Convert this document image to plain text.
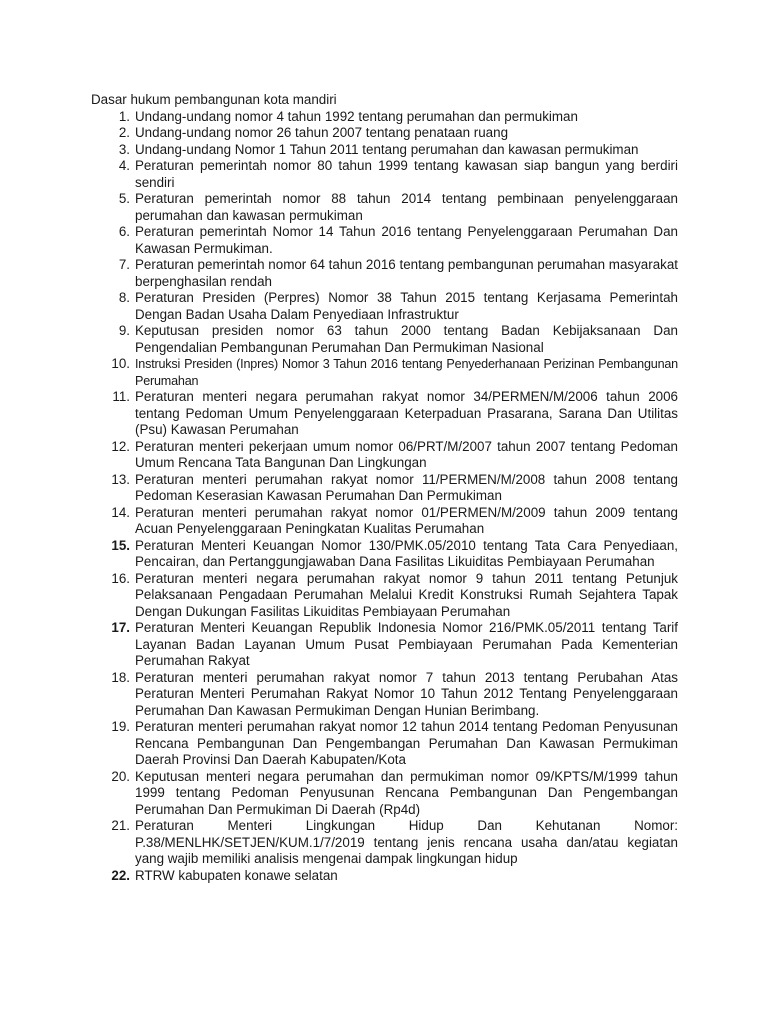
Dasar hukum pembangunan kota mandiri

1. Undang-undang nomor 4 tahun 1992 tentang perumahan dan permukiman
2. Undang-undang nomor 26 tahun 2007 tentang penataan ruang
3. Undang-undang Nomor 1 Tahun 2011 tentang perumahan dan kawasan permukiman
4. Peraturan pemerintah nomor 80 tahun 1999 tentang kawasan siap bangun yang berdiri sendiri
5. Peraturan pemerintah nomor 88 tahun 2014 tentang pembinaan penyelenggaraan perumahan dan kawasan permukiman
6. Peraturan pemerintah Nomor 14 Tahun 2016 tentang Penyelenggaraan Perumahan Dan Kawasan Permukiman.
7. Peraturan pemerintah nomor 64 tahun 2016 tentang pembangunan perumahan masyarakat berpenghasilan rendah
8. Peraturan Presiden (Perpres) Nomor 38 Tahun 2015 tentang Kerjasama Pemerintah Dengan Badan Usaha Dalam Penyediaan Infrastruktur
9. Keputusan presiden nomor 63 tahun 2000 tentang Badan Kebijaksanaan Dan Pengendalian Pembangunan Perumahan Dan Permukiman Nasional
10. Instruksi Presiden (Inpres) Nomor 3 Tahun 2016 tentang Penyederhanaan Perizinan Pembangunan Perumahan
11. Peraturan menteri negara perumahan rakyat nomor 34/PERMEN/M/2006 tahun 2006 tentang Pedoman Umum Penyelenggaraan Keterpaduan Prasarana, Sarana Dan Utilitas (Psu) Kawasan Perumahan
12. Peraturan menteri pekerjaan umum nomor 06/PRT/M/2007 tahun 2007 tentang Pedoman Umum Rencana Tata Bangunan Dan Lingkungan
13. Peraturan menteri perumahan rakyat nomor 11/PERMEN/M/2008 tahun 2008 tentang Pedoman Keserasian Kawasan Perumahan Dan Permukiman
14. Peraturan menteri perumahan rakyat nomor 01/PERMEN/M/2009 tahun 2009 tentang Acuan Penyelenggaraan Peningkatan Kualitas Perumahan
15. Peraturan Menteri Keuangan Nomor 130/PMK.05/2010 tentang Tata Cara Penyediaan, Pencairan, dan Pertanggungjawaban Dana Fasilitas Likuiditas Pembiayaan Perumahan
16. Peraturan menteri negara perumahan rakyat nomor 9 tahun 2011 tentang Petunjuk Pelaksanaan Pengadaan Perumahan Melalui Kredit Konstruksi Rumah Sejahtera Tapak Dengan Dukungan Fasilitas Likuiditas Pembiayaan Perumahan
17. Peraturan Menteri Keuangan Republik Indonesia Nomor 216/PMK.05/2011 tentang Tarif Layanan Badan Layanan Umum Pusat Pembiayaan Perumahan Pada Kementerian Perumahan Rakyat
18. Peraturan menteri perumahan rakyat nomor 7 tahun 2013 tentang Perubahan Atas Peraturan Menteri Perumahan Rakyat Nomor 10 Tahun 2012 Tentang Penyelenggaraan Perumahan Dan Kawasan Permukiman Dengan Hunian Berimbang.
19. Peraturan menteri perumahan rakyat nomor 12 tahun 2014 tentang Pedoman Penyusunan Rencana Pembangunan Dan Pengembangan Perumahan Dan Kawasan Permukiman Daerah Provinsi Dan Daerah Kabupaten/Kota
20. Keputusan menteri negara perumahan dan permukiman nomor 09/KPTS/M/1999 tahun 1999 tentang Pedoman Penyusunan Rencana Pembangunan Dan Pengembangan Perumahan Dan Permukiman Di Daerah (Rp4d)
21. Peraturan Menteri Lingkungan Hidup Dan Kehutanan Nomor: P.38/MENLHK/SETJEN/KUM.1/7/2019 tentang jenis rencana usaha dan/atau kegiatan yang wajib memiliki analisis mengenai dampak lingkungan hidup
22. RTRW kabupaten konawe selatan
